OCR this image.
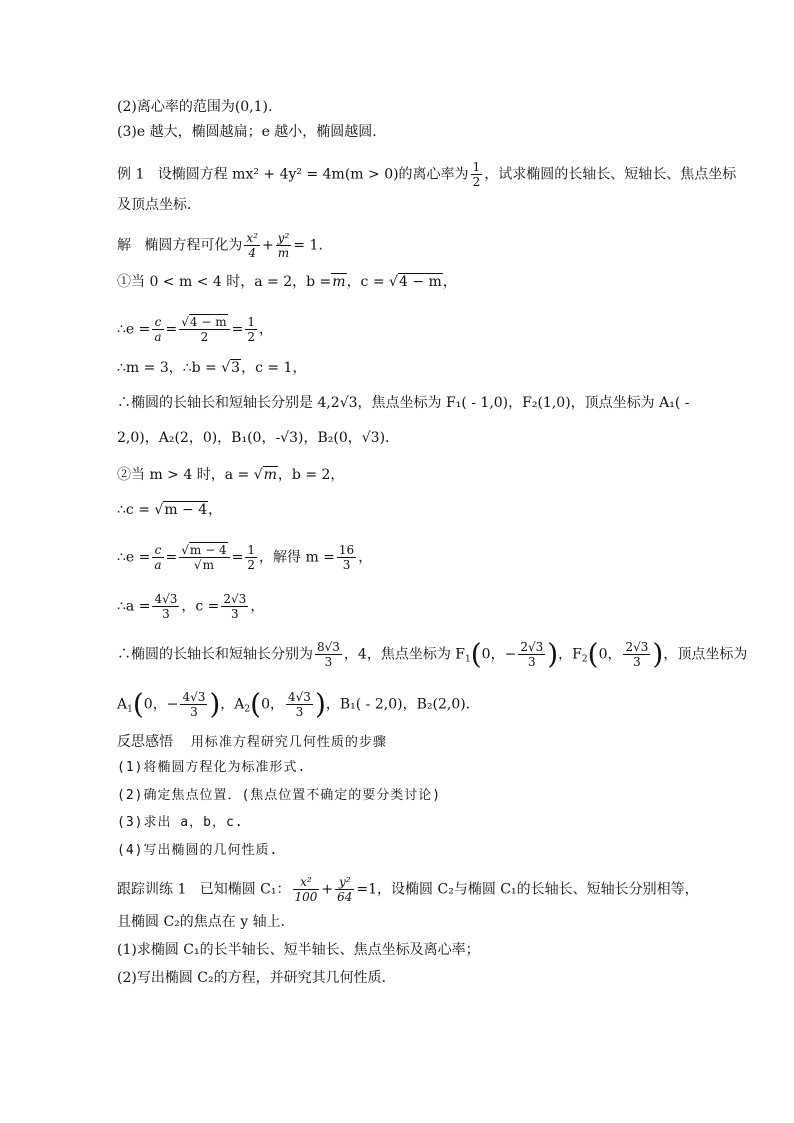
(2)离心率的范围为(0,1).
(3)e 越大，椭圆越扁；e 越小，椭圆越圆．
例 1 设椭圆方程 mx² + 4y² = 4m(m > 0)的离心率为 $\frac{1}{2}$ ，试求椭圆的长轴长、短轴长、焦点坐标
及顶点坐标．
解 椭圆方程可化为 $\frac{\text{x²}}{4} + \frac{\text{y²}}{m} = 1$.
①当 0 < m < 4 时，a = 2，b =m，c = √4 − m，
∴e = $\frac{c}{a} = \frac{√4 - m}{2} = \frac{1}{2}$ ，
∴m = 3，∴b = √3，c = 1，
∴椭圆的长轴长和短轴长分别是 4,2√3，焦点坐标为 F₁( - 1,0)，F₂(1,0)，顶点坐标为 A₁( -
2,0)，A₂(2，0)，B₁(0，-√3)，B₂(0，√3)．
②当 m > 4 时，a = √m，b = 2，
∴c = √m − 4，
∴e = $\frac{c}{a} = \frac{√m - 4}{√m} = \frac{1}{2}$ ，解得 $m = \frac{16}{3}$ ，
∴a = $\frac{4√3}{3}$ ，$c = \frac{2√3}{3}$ ，
∴椭圆的长轴长和短轴长分别为 $\frac{8√3}{3}$ ，4，焦点坐标为 $F_1(0$，− $\frac{2√3}{3}$ )，$F_2(0$， $\frac{2√3}{3}$ )，顶点坐标为
$A_1(0$，− $\frac{4√3}{3}$ )，$A_2(0$， $\frac{4√3}{3}$ )，B₁( - 2,0)，B₂(2,0)．
反思感悟 用标准方程研究几何性质的步骤
(1)将椭圆方程化为标准形式.
(2)确定焦点位置．(焦点位置不确定的要分类讨论)
(3)求出 a，b，c.
(4)写出椭圆的几何性质.
跟踪训练 1 已知椭圆 C₁： $\frac{\text{x²}}{100} + \frac{\text{y²}}{64} =1$，设椭圆 C₂与椭圆 C₁的长轴长、短轴长分别相等，
且椭圆 C₂的焦点在 y 轴上．
(1)求椭圆 C₁的长半轴长、短半轴长、焦点坐标及离心率；
(2)写出椭圆 C₂的方程，并研究其几何性质．
